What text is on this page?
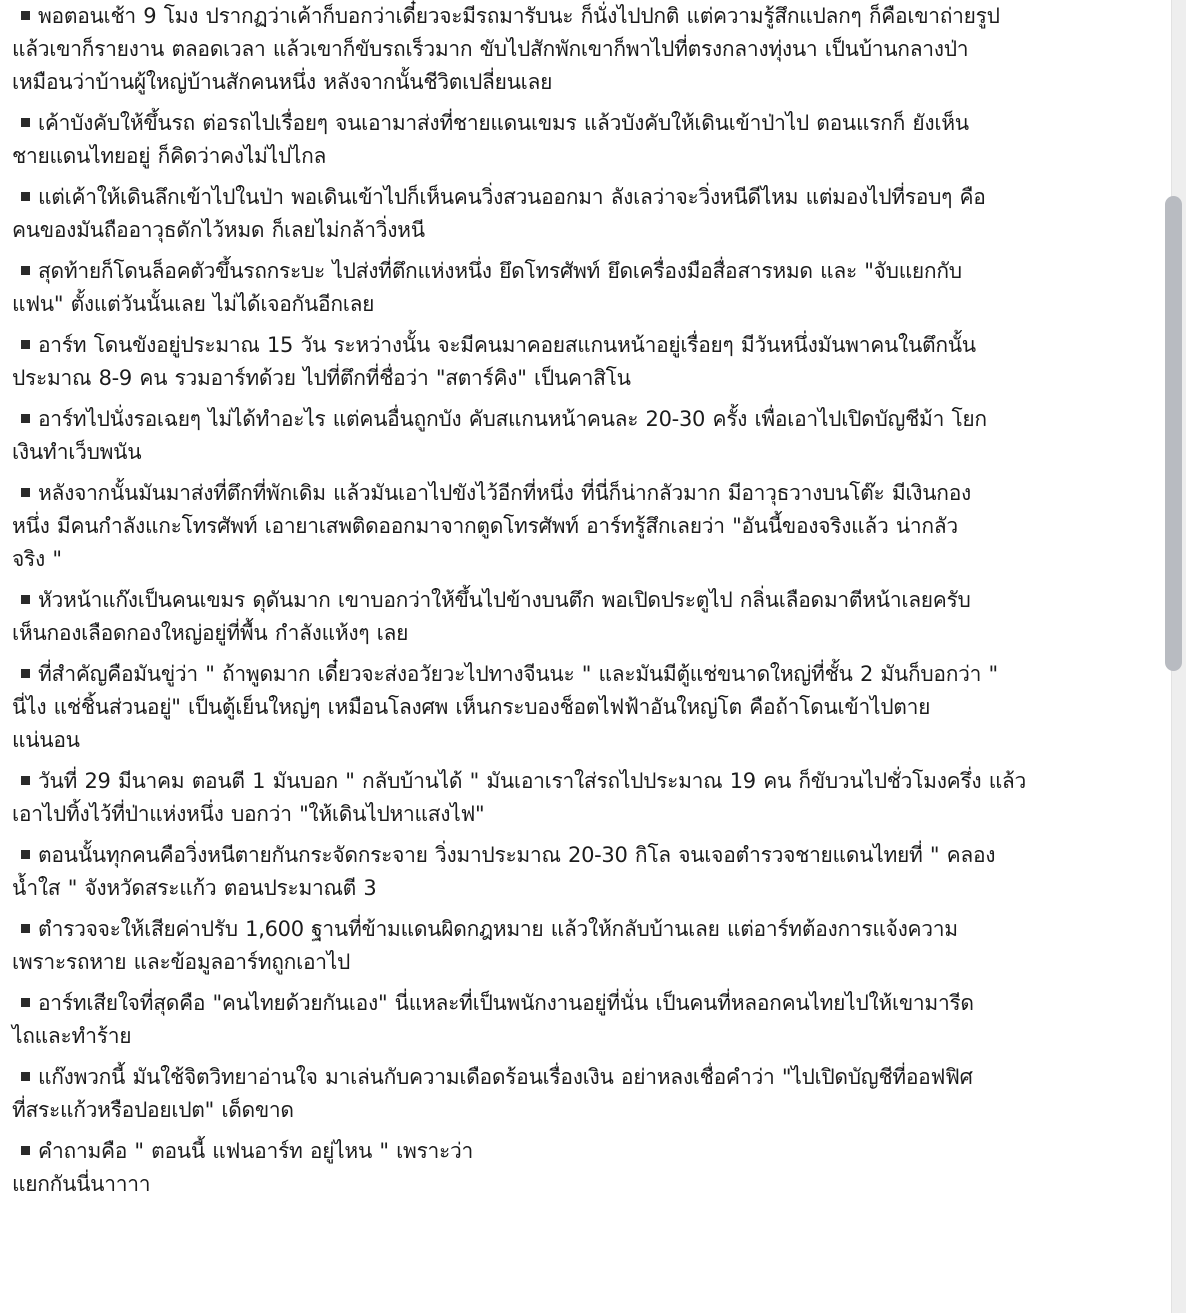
พอตอนเช้า 9 โมง ปรากฏว่าเค้าก็บอกว่าเดี๋ยวจะมีรถมารับนะ ก็นั่งไปปกติ แต่ความรู้สึกแปลกๆ ก็คือเขาถ่ายรูป
แล้วเขาก็รายงาน ตลอดเวลา แล้วเขาก็ขับรถเร็วมาก ขับไปสักพักเขาก็พาไปที่ตรงกลางทุ่งนา เป็นบ้านกลางป่า
เหมือนว่าบ้านผู้ใหญ่บ้านสักคนหนึ่ง หลังจากนั้นชีวิตเปลี่ยนเลย
เค้าบังคับให้ขึ้นรถ ต่อรถไปเรื่อยๆ จนเอามาส่งที่ชายแดนเขมร แล้วบังคับให้เดินเข้าป่าไป ตอนแรกก็ ยังเห็น
ชายแดนไทยอยู่ ก็คิดว่าคงไม่ไปไกล
แต่เค้าให้เดินลึกเข้าไปในป่า พอเดินเข้าไปก็เห็นคนวิ่งสวนออกมา ลังเลว่าจะวิ่งหนีดีไหม แต่มองไปที่รอบๆ คือ
คนของมันถืออาวุธดักไว้หมด ก็เลยไม่กล้าวิ่งหนี
สุดท้ายก็โดนล็อคตัวขึ้นรถกระบะ ไปส่งที่ตึกแห่งหนึ่ง ยึดโทรศัพท์ ยึดเครื่องมือสื่อสารหมด และ "จับแยกกับ
แฟน" ตั้งแต่วันนั้นเลย ไม่ได้เจอกันอีกเลย
อาร์ท โดนขังอยู่ประมาณ 15 วัน ระหว่างนั้น จะมีคนมาคอยสแกนหน้าอยู่เรื่อยๆ มีวันหนึ่งมันพาคนในตึกนั้น
ประมาณ 8-9 คน รวมอาร์ทด้วย ไปที่ตึกที่ชื่อว่า "สตาร์คิง" เป็นคาสิโน
อาร์ทไปนั่งรอเฉยๆ ไม่ได้ทำอะไร แต่คนอื่นถูกบัง คับสแกนหน้าคนละ 20-30 ครั้ง เพื่อเอาไปเปิดบัญชีม้า โยก
เงินทำเว็บพนัน
หลังจากนั้นมันมาส่งที่ตึกที่พักเดิม แล้วมันเอาไปขังไว้อีกที่หนึ่ง ที่นี่ก็น่ากลัวมาก มีอาวุธวางบนโต๊ะ มีเงินกอง
หนึ่ง มีคนกำลังแกะโทรศัพท์ เอายาเสพติดออกมาจากตูดโทรศัพท์ อาร์ทรู้สึกเลยว่า "อันนี้ของจริงแล้ว น่ากลัว
จริง "
หัวหน้าแก๊งเป็นคนเขมร ดุดันมาก เขาบอกว่าให้ขึ้นไปข้างบนตึก พอเปิดประตูไป กลิ่นเลือดมาตีหน้าเลยครับ
เห็นกองเลือดกองใหญ่อยู่ที่พื้น กำลังแห้งๆ เลย
ที่สำคัญคือมันขู่ว่า " ถ้าพูดมาก เดี๋ยวจะส่งอวัยวะไปทางจีนนะ " และมันมีตู้แช่ขนาดใหญ่ที่ชั้น 2 มันก็บอกว่า "
นี่ไง แช่ชิ้นส่วนอยู่" เป็นตู้เย็นใหญ่ๆ เหมือนโลงศพ เห็นกระบองช็อตไฟฟ้าอันใหญ่โต คือถ้าโดนเข้าไปตาย
แน่นอน
วันที่ 29 มีนาคม ตอนตี 1 มันบอก " กลับบ้านได้ " มันเอาเราใส่รถไปประมาณ 19 คน ก็ขับวนไปชั่วโมงครึ่ง แล้ว
เอาไปทิ้งไว้ที่ป่าแห่งหนึ่ง บอกว่า "ให้เดินไปหาแสงไฟ"
ตอนนั้นทุกคนคือวิ่งหนีตายกันกระจัดกระจาย วิ่งมาประมาณ 20-30 กิโล จนเจอตำรวจชายแดนไทยที่ " คลอง
น้ำใส " จังหวัดสระแก้ว ตอนประมาณตี 3
ตำรวจจะให้เสียค่าปรับ 1,600 ฐานที่ข้ามแดนผิดกฎหมาย แล้วให้กลับบ้านเลย แต่อาร์ทต้องการแจ้งความ
เพราะรถหาย และข้อมูลอาร์ทถูกเอาไป
อาร์ทเสียใจที่สุดคือ "คนไทยด้วยกันเอง" นี่แหละที่เป็นพนักงานอยู่ที่นั่น เป็นคนที่หลอกคนไทยไปให้เขามารีด
ไถและทำร้าย
แก๊งพวกนี้ มันใช้จิตวิทยาอ่านใจ มาเล่นกับความเดือดร้อนเรื่องเงิน อย่าหลงเชื่อคำว่า "ไปเปิดบัญชีที่ออฟฟิศ
ที่สระแก้วหรือปอยเปต" เด็ดขาด
คำถามคือ " ตอนนี้ แฟนอาร์ท อยู่ไหน " เพราะว่า
แยกกันนี่นาาาา
